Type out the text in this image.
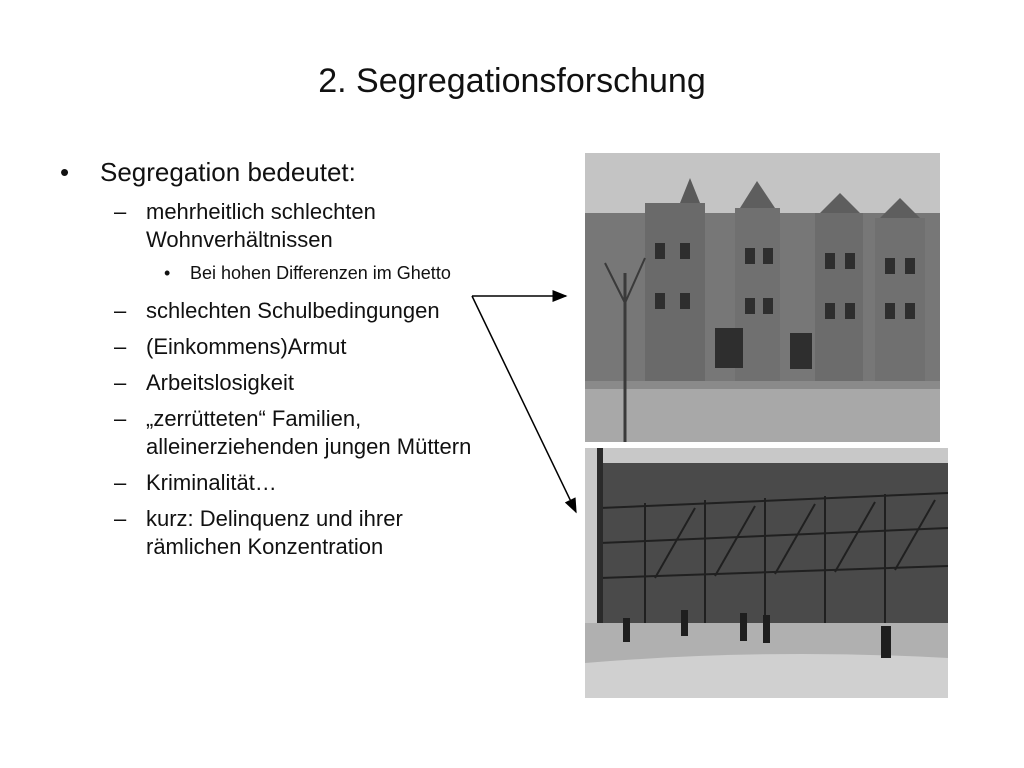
2. Segregationsforschung
• Segregation bedeutet:
– mehrheitlich schlechten Wohnverhältnissen
• Bei hohen Differenzen im Ghetto
– schlechten Schulbedingungen
– (Einkommens)Armut
– Arbeitslosigkeit
– „zerrütteten“ Familien, alleinerziehenden jungen Müttern
– Kriminalität…
– kurz: Delinquenz und ihrer rämlichen Konzentration
